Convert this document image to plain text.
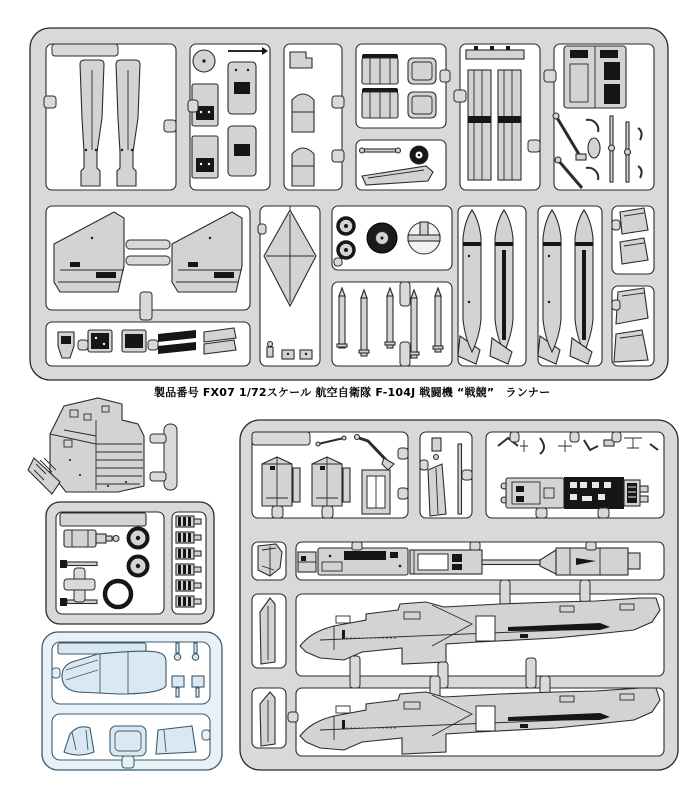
製品番号 FX07 1/72スケール 航空自衛隊 F-104J 戦闘機 “戦競”　ランナー
